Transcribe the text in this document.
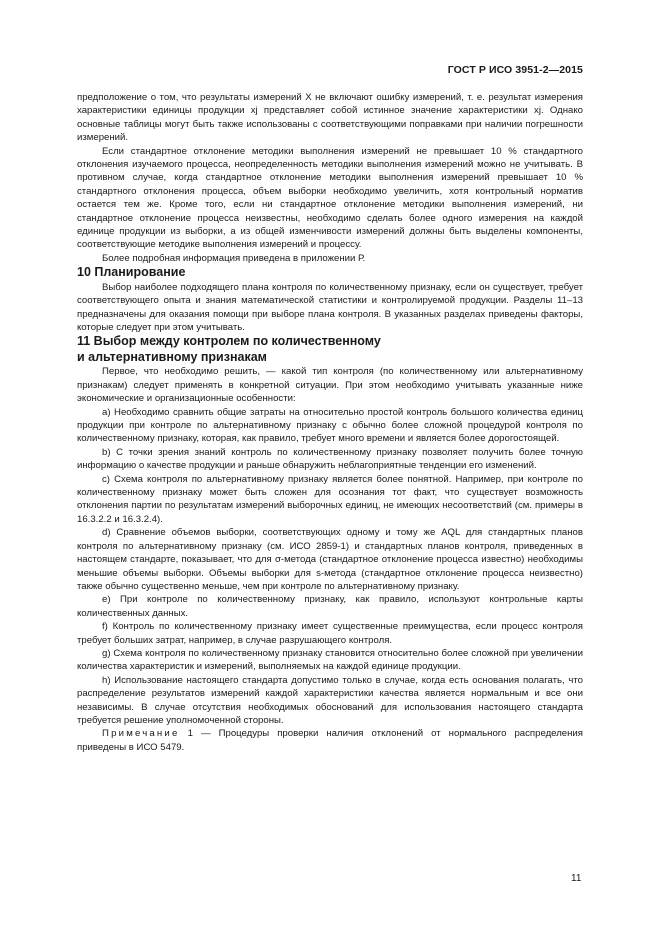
ГОСТ Р ИСО 3951-2—2015

предположение о том, что результаты измерений X не включают ошибку измерений, т. е. результат измерения характеристики единицы продукции xj представляет собой истинное значение характеристики xj. Однако основные таблицы могут быть также использованы с соответствующими поправками при наличии погрешности измерений.

Если стандартное отклонение методики выполнения измерений не превышает 10 % стандартного отклонения изучаемого процесса, неопределенность методики выполнения измерений можно не учитывать. В противном случае, когда стандартное отклонение методики выполнения измерений превышает 10 % стандартного отклонения процесса, объем выборки необходимо увеличить, хотя контрольный норматив остается тем же. Кроме того, если ни стандартное отклонение методики выполнения измерений, ни стандартное отклонение процесса неизвестны, необходимо сделать более одного измерения на каждой единице продукции из выборки, а из общей изменчивости измерений должны быть выделены компоненты, соответствующие методике выполнения измерений и процессу.

Более подробная информация приведена в приложении Р.

10 Планирование

Выбор наиболее подходящего плана контроля по количественному признаку, если он существует, требует соответствующего опыта и знания математической статистики и контролируемой продукции. Разделы 11–13 предназначены для оказания помощи при выборе плана контроля. В указанных разделах приведены факторы, которые следует при этом учитывать.

11 Выбор между контролем по количественному
и альтернативному признакам

Первое, что необходимо решить, — какой тип контроля (по количественному или альтернативному признакам) следует применять в конкретной ситуации. При этом необходимо учитывать указанные ниже экономические и организационные особенности:

a) Необходимо сравнить общие затраты на относительно простой контроль большого количества единиц продукции при контроле по альтернативному признаку с обычно более сложной процедурой контроля по количественному признаку, которая, как правило, требует много времени и является более дорогостоящей.

b) С точки зрения знаний контроль по количественному признаку позволяет получить более точную информацию о качестве продукции и раньше обнаружить неблагоприятные тенденции его изменений.

c) Схема контроля по альтернативному признаку является более понятной. Например, при контроле по количественному признаку может быть сложен для осознания тот факт, что существует возможность отклонения партии по результатам измерений выборочных единиц, не имеющих несоответствий (см. примеры в 16.3.2.2 и 16.3.2.4).

d) Сравнение объемов выборки, соответствующих одному и тому же AQL для стандартных планов контроля по альтернативному признаку (см. ИСО 2859-1) и стандартных планов контроля, приведенных в настоящем стандарте, показывает, что для σ-метода (стандартное отклонение процесса известно) необходимы меньшие объемы выборки. Объемы выборки для s-метода (стандартное отклонение процесса неизвестно) также обычно существенно меньше, чем при контроле по альтернативному признаку.

e) При контроле по количественному признаку, как правило, используют контрольные карты количественных данных.

f) Контроль по количественному признаку имеет существенные преимущества, если процесс контроля требует больших затрат, например, в случае разрушающего контроля.

g) Схема контроля по количественному признаку становится относительно более сложной при увеличении количества характеристик и измерений, выполняемых на каждой единице продукции.

h) Использование настоящего стандарта допустимо только в случае, когда есть основания полагать, что распределение результатов измерений каждой характеристики качества является нормальным и все они независимы. В случае отсутствия необходимых обоснований для использования настоящего стандарта требуется решение уполномоченной стороны.

Примечание 1 — Процедуры проверки наличия отклонений от нормального распределения приведены в ИСО 5479.

11
